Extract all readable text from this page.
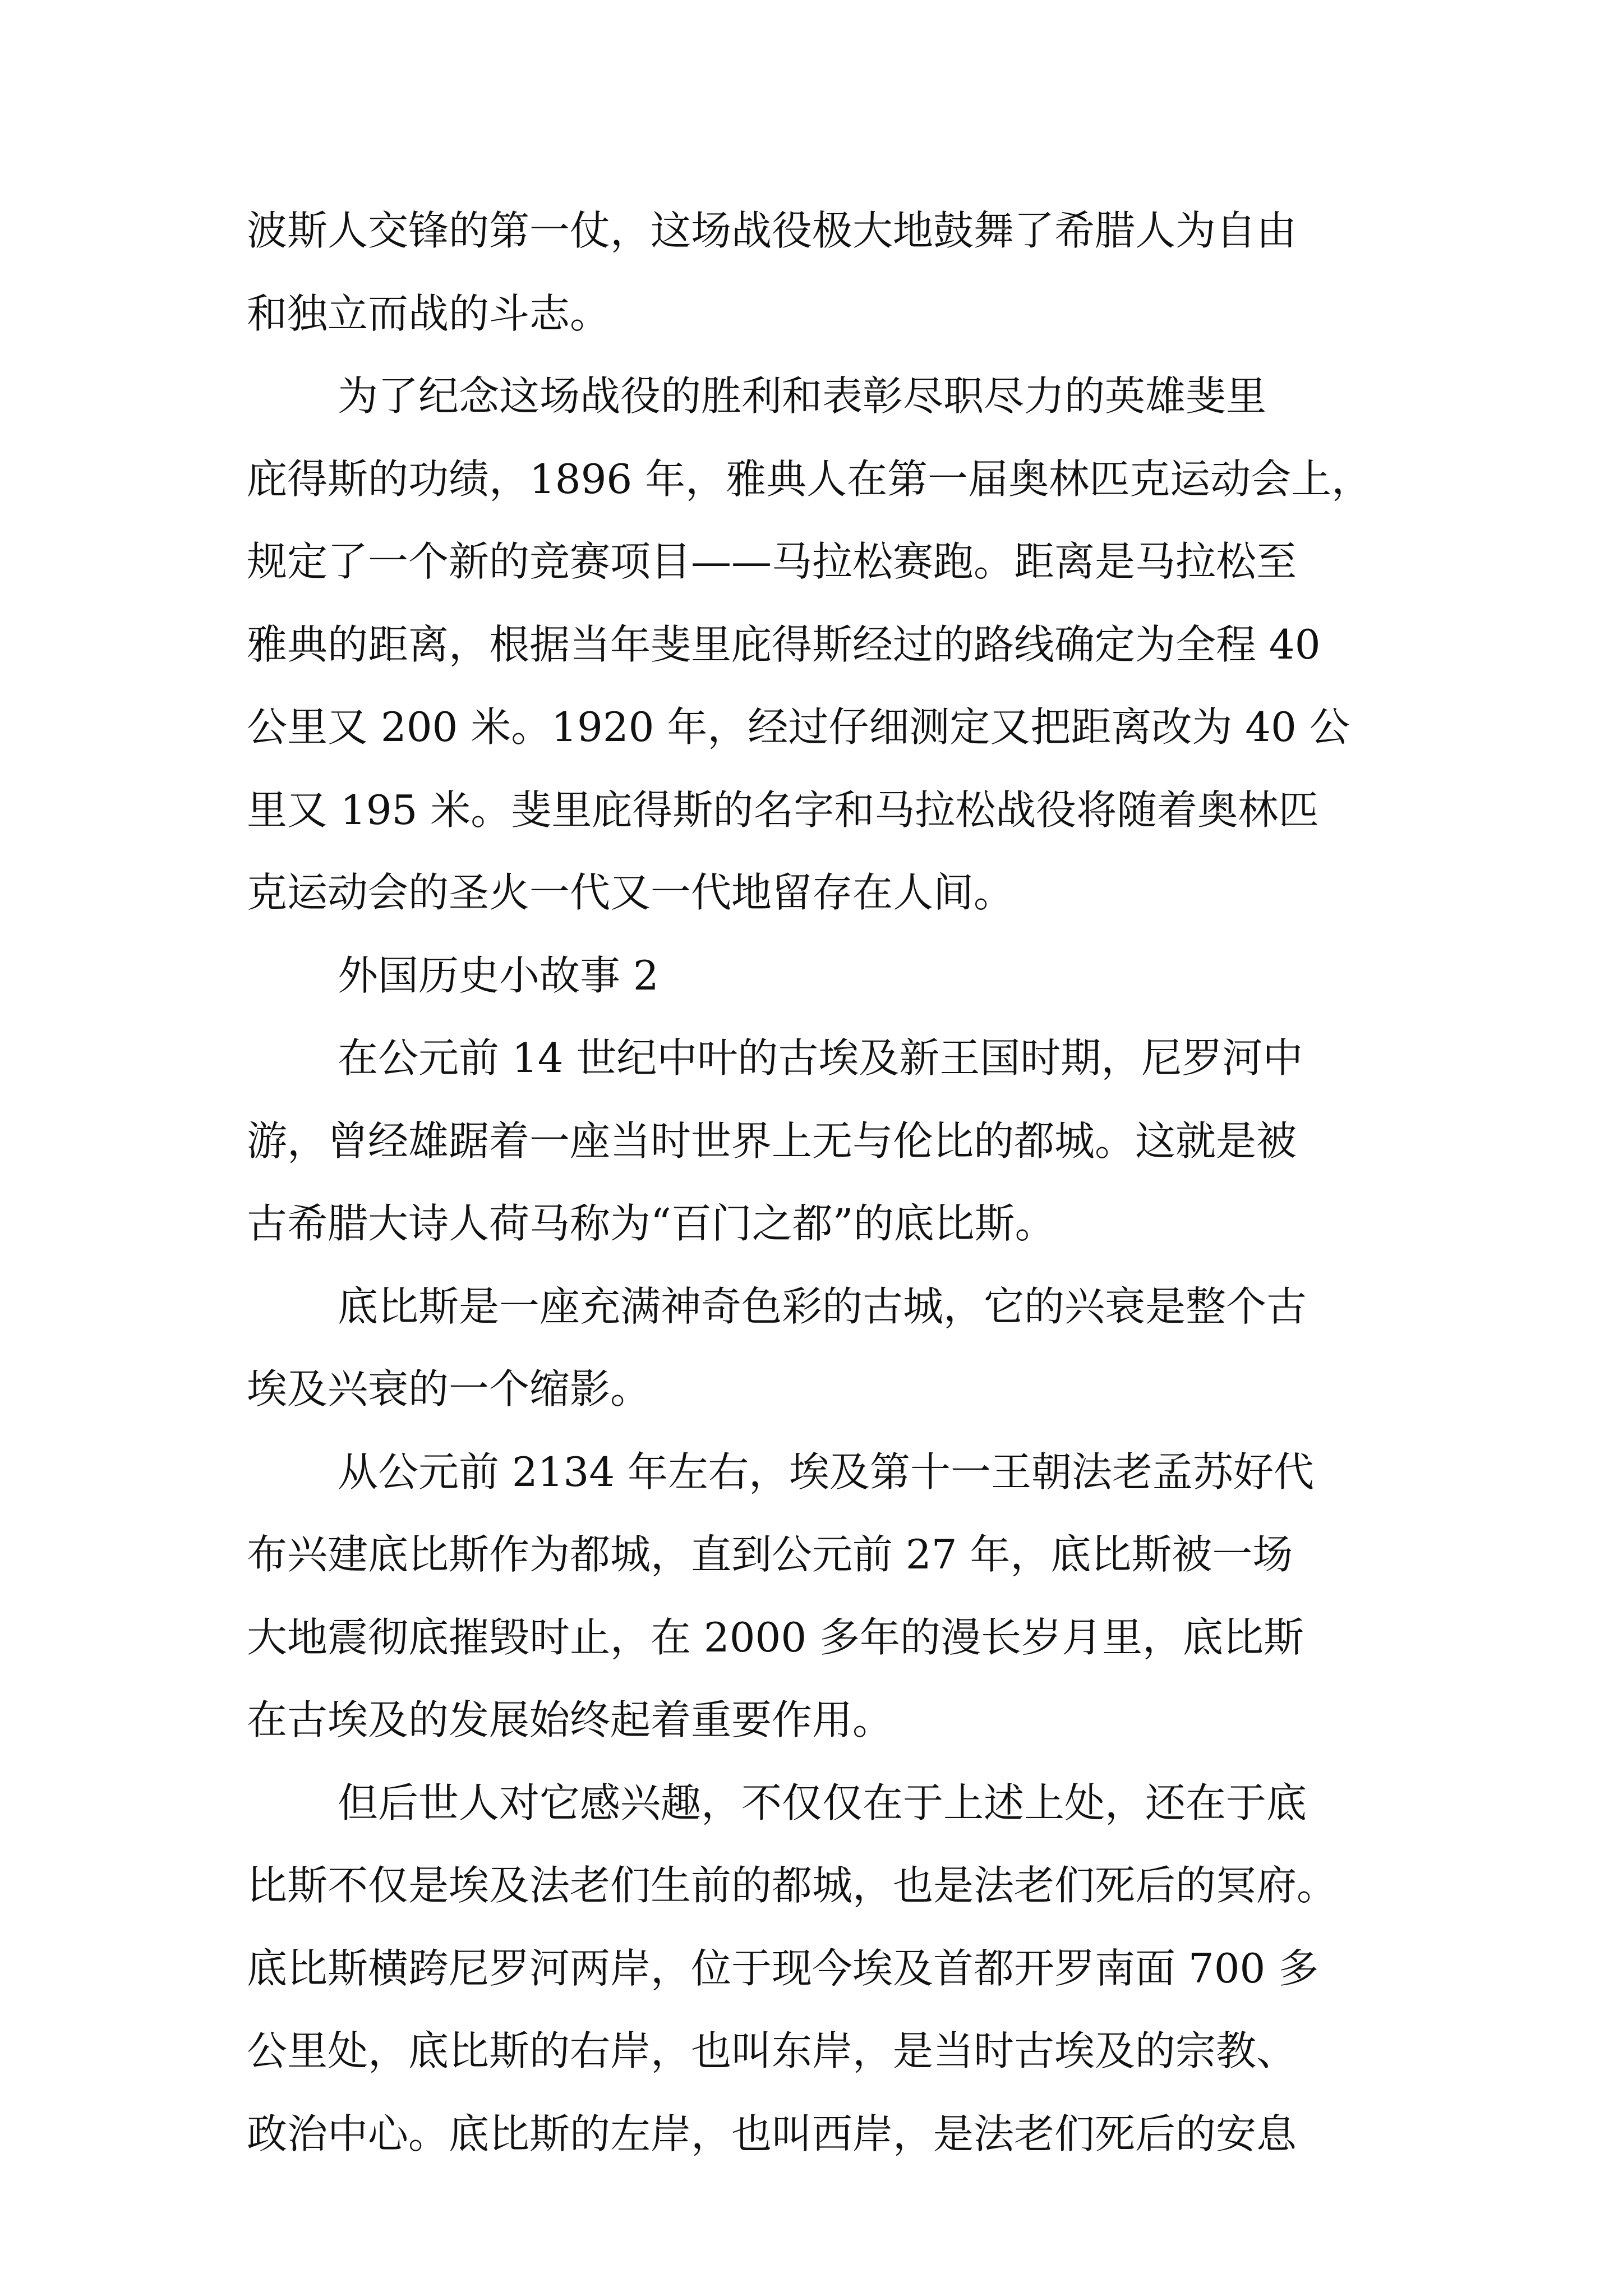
波斯人交锋的第一仗，这场战役极大地鼓舞了希腊人为自由
和独立而战的斗志。
为了纪念这场战役的胜利和表彰尽职尽力的英雄斐里
庇得斯的功绩，1896 年，雅典人在第一届奥林匹克运动会上，
规定了一个新的竞赛项目——马拉松赛跑。距离是马拉松至
雅典的距离，根据当年斐里庇得斯经过的路线确定为全程 40
公里又 200 米。1920 年，经过仔细测定又把距离改为 40 公
里又 195 米。斐里庇得斯的名字和马拉松战役将随着奥林匹
克运动会的圣火一代又一代地留存在人间。
外国历史小故事 2
在公元前 14 世纪中叶的古埃及新王国时期，尼罗河中
游，曾经雄踞着一座当时世界上无与伦比的都城。这就是被
古希腊大诗人荷马称为“百门之都”的底比斯。
底比斯是一座充满神奇色彩的古城，它的兴衰是整个古
埃及兴衰的一个缩影。
从公元前 2134 年左右，埃及第十一王朝法老孟苏好代
布兴建底比斯作为都城，直到公元前 27 年，底比斯被一场
大地震彻底摧毁时止，在 2000 多年的漫长岁月里，底比斯
在古埃及的发展始终起着重要作用。
但后世人对它感兴趣，不仅仅在于上述上处，还在于底
比斯不仅是埃及法老们生前的都城，也是法老们死后的冥府。
底比斯横跨尼罗河两岸，位于现今埃及首都开罗南面 700 多
公里处，底比斯的右岸，也叫东岸，是当时古埃及的宗教、
政治中心。底比斯的左岸，也叫西岸，是法老们死后的安息
